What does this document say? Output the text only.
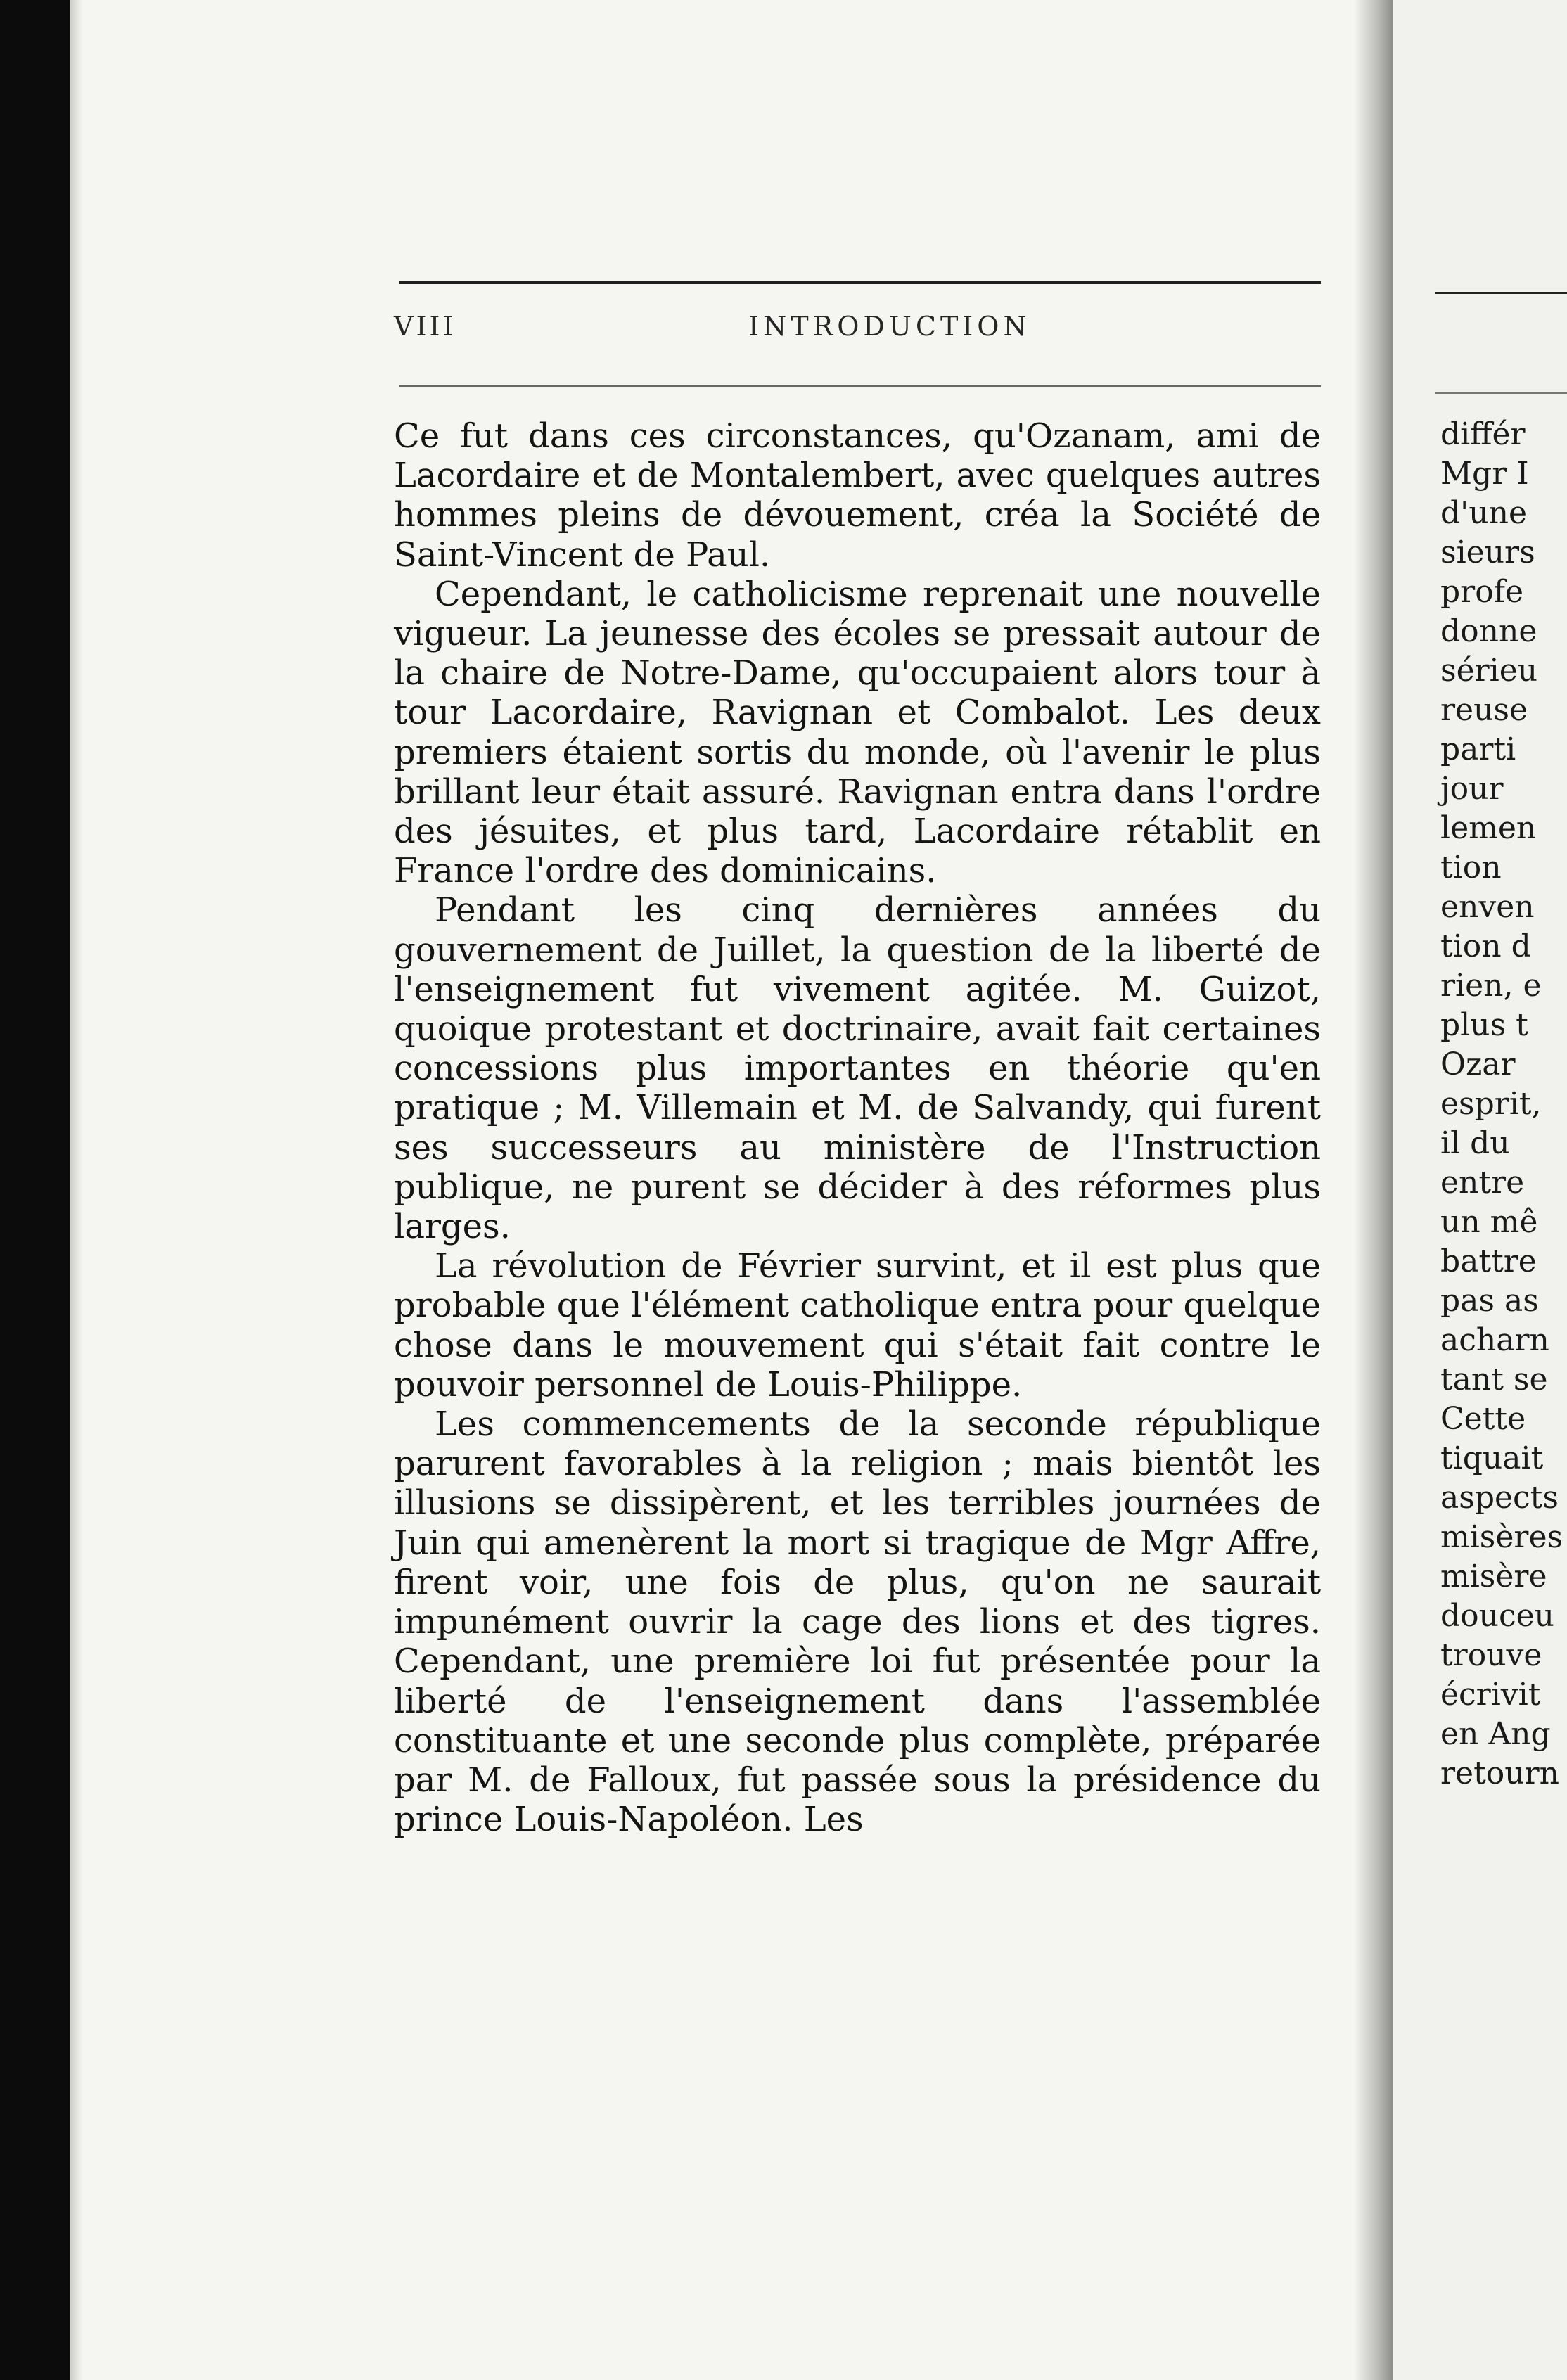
VIII	INTRODUCTION

Ce fut dans ces circonstances, qu'Ozanam, ami de Lacordaire et de Montalembert, avec quelques autres hommes pleins de dévouement, créa la Société de Saint-Vincent de Paul.

Cependant, le catholicisme reprenait une nouvelle vigueur. La jeunesse des écoles se pressait autour de la chaire de Notre-Dame, qu'occupaient alors tour à tour Lacordaire, Ravignan et Combalot. Les deux premiers étaient sortis du monde, où l'avenir le plus brillant leur était assuré. Ravignan entra dans l'ordre des jésuites, et plus tard, Lacordaire rétablit en France l'ordre des dominicains.

Pendant les cinq dernières années du gouvernement de Juillet, la question de la liberté de l'enseignement fut vivement agitée. M. Guizot, quoique protestant et doctrinaire, avait fait certaines concessions plus importantes en théorie qu'en pratique ; M. Villemain et M. de Salvandy, qui furent ses successeurs au ministère de l'Instruction publique, ne purent se décider à des réformes plus larges.

La révolution de Février survint, et il est plus que probable que l'élément catholique entra pour quelque chose dans le mouvement qui s'était fait contre le pouvoir personnel de Louis-Philippe.

Les commencements de la seconde république parurent favorables à la religion ; mais bientôt les illusions se dissipèrent, et les terribles journées de Juin qui amenèrent la mort si tragique de Mgr Affre, firent voir, une fois de plus, qu'on ne saurait impunément ouvrir la cage des lions et des tigres. Cependant, une première loi fut présentée pour la liberté de l'enseignement dans l'assemblée constituante et une seconde plus complète, préparée par M. de Falloux, fut passée sous la présidence du prince Louis-Napoléon. Les

différ
Mgr I
d'une
sieurs
profe
donne
sérieu
reuse
parti
jour
lemen
tion
enven
tion d
rien, e
plus t
Ozar
esprit,
il du
entre
un mê
battre
pas as
acharn
tant se
Cette
tiquait
aspects
misères
misère
douceu
trouve
écrivit
en Ang
retourn
